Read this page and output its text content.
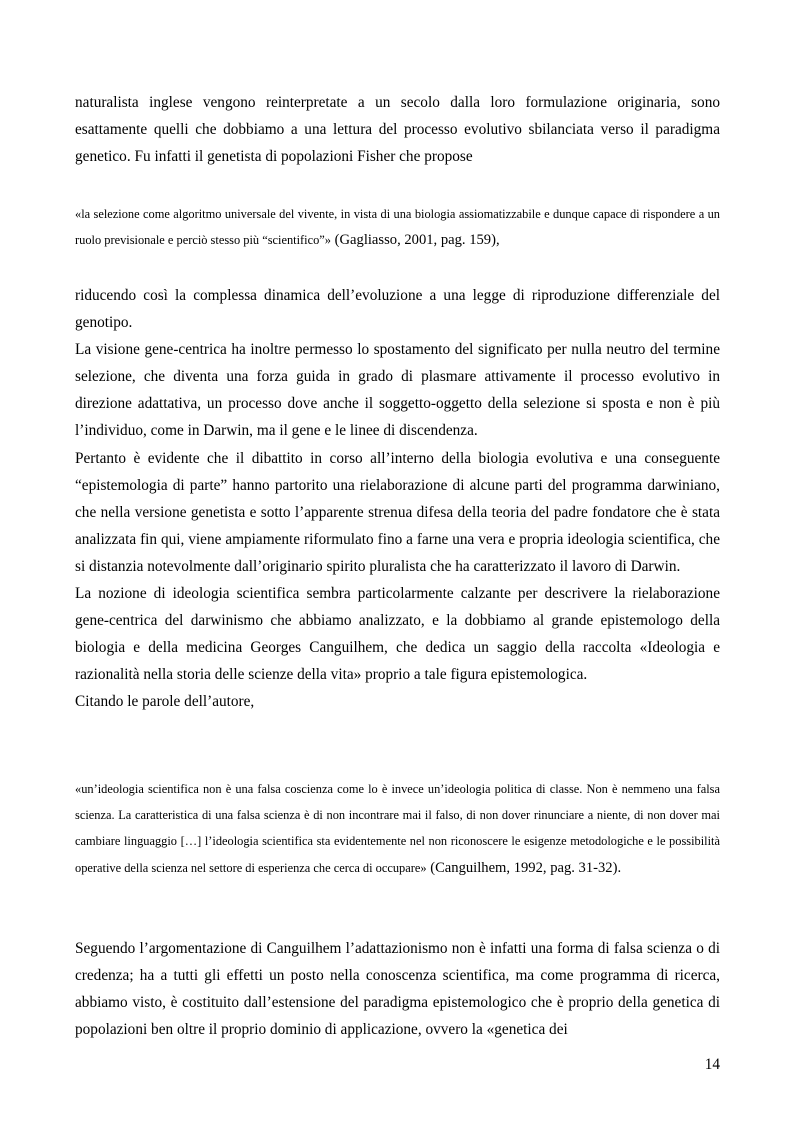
naturalista inglese vengono reinterpretate a un secolo dalla loro formulazione originaria, sono esattamente quelli che dobbiamo a una lettura del processo evolutivo sbilanciata verso il paradigma genetico. Fu infatti il genetista di popolazioni Fisher che propose

«la selezione come algoritmo universale del vivente, in vista di una biologia assiomatizzabile e dunque capace di rispondere a un ruolo previsionale e perciò stesso più “scientifico”» (Gagliasso, 2001, pag. 159),

riducendo così la complessa dinamica dell’evoluzione a una legge di riproduzione differenziale del genotipo.

La visione gene-centrica ha inoltre permesso lo spostamento del significato per nulla neutro del termine selezione, che diventa una forza guida in grado di plasmare attivamente il processo evolutivo in direzione adattativa, un processo dove anche il soggetto-oggetto della selezione si sposta e non è più l’individuo, come in Darwin, ma il gene e le linee di discendenza.

Pertanto è evidente che il dibattito in corso all’interno della biologia evolutiva e una conseguente “epistemologia di parte” hanno partorito una rielaborazione di alcune parti del programma darwiniano, che nella versione genetista e sotto l’apparente strenua difesa della teoria del padre fondatore che è stata analizzata fin qui, viene ampiamente riformulato fino a farne una vera e propria ideologia scientifica, che si distanzia notevolmente dall’originario spirito pluralista che ha caratterizzato il lavoro di Darwin.

La nozione di ideologia scientifica sembra particolarmente calzante per descrivere la rielaborazione gene-centrica del darwinismo che abbiamo analizzato, e la dobbiamo al grande epistemologo della biologia e della medicina Georges Canguilhem, che dedica un saggio della raccolta «Ideologia e razionalità nella storia delle scienze della vita» proprio a tale figura epistemologica.

Citando le parole dell’autore,

«un’ideologia scientifica non è una falsa coscienza come lo è invece un’ideologia politica di classe. Non è nemmeno una falsa scienza. La caratteristica di una falsa scienza è di non incontrare mai il falso, di non dover rinunciare a niente, di non dover mai cambiare linguaggio […] l’ideologia scientifica sta evidentemente nel non riconoscere le esigenze metodologiche e le possibilità operative della scienza nel settore di esperienza che cerca di occupare» (Canguilhem, 1992, pag. 31-32).

Seguendo l’argomentazione di Canguilhem l’adattazionismo non è infatti una forma di falsa scienza o di credenza; ha a tutti gli effetti un posto nella conoscenza scientifica, ma come programma di ricerca, abbiamo visto, è costituito dall’estensione del paradigma epistemologico che è proprio della genetica di popolazioni ben oltre il proprio dominio di applicazione, ovvero la «genetica dei

14
